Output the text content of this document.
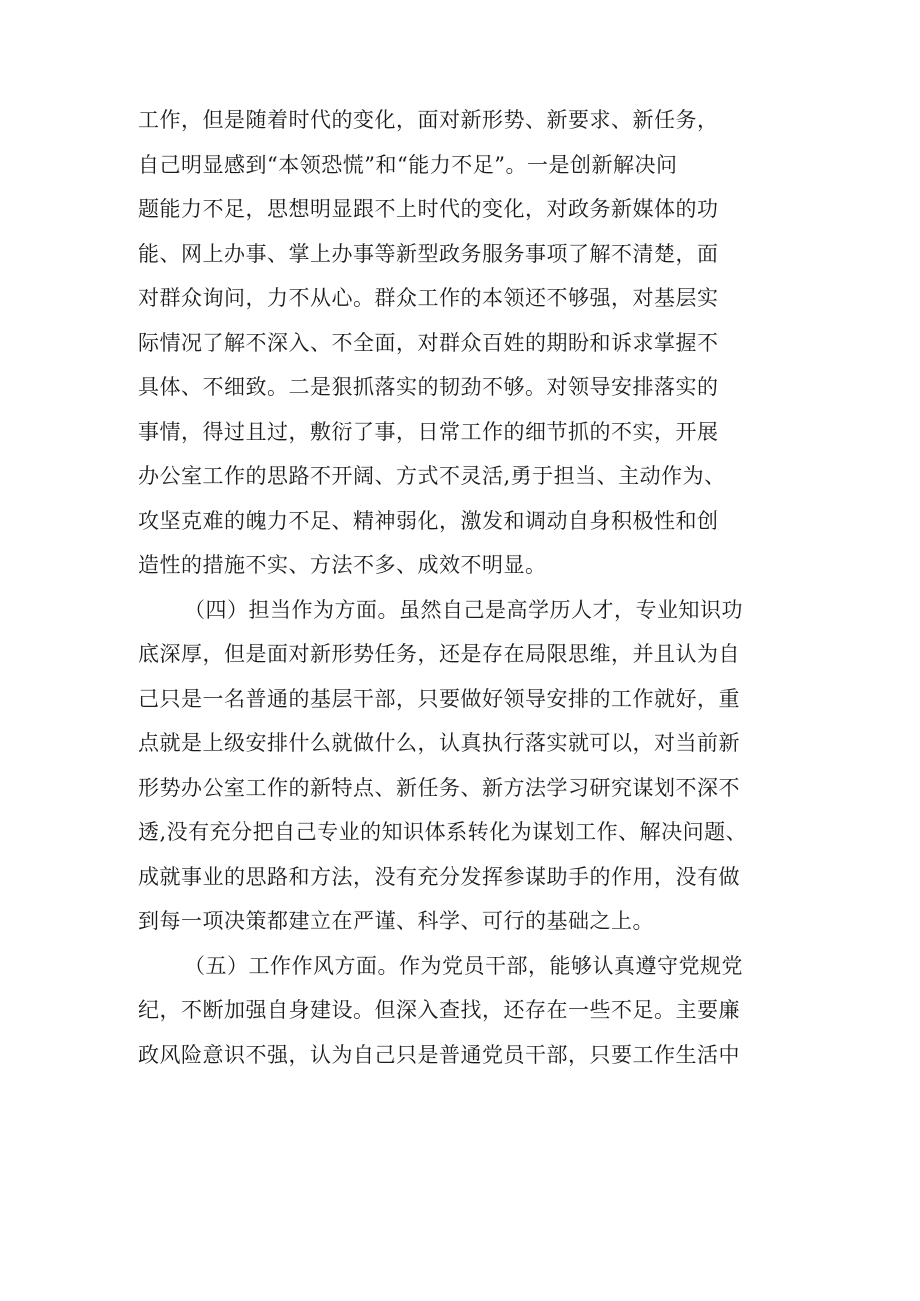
工作，但是随着时代的变化，面对新形势、新要求、新任务，
自己明显感到“本领恐慌”和“能力不足”。一是创新解决问
题能力不足，思想明显跟不上时代的变化，对政务新媒体的功
能、网上办事、掌上办事等新型政务服务事项了解不清楚，面
对群众询问，力不从心。群众工作的本领还不够强，对基层实
际情况了解不深入、不全面，对群众百姓的期盼和诉求掌握不
具体、不细致。二是狠抓落实的韧劲不够。对领导安排落实的
事情，得过且过，敷衍了事，日常工作的细节抓的不实，开展
办公室工作的思路不开阔、方式不灵活,勇于担当、主动作为、
攻坚克难的魄力不足、精神弱化，激发和调动自身积极性和创
造性的措施不实、方法不多、成效不明显。

（四）担当作为方面。虽然自己是高学历人才，专业知识功
底深厚，但是面对新形势任务，还是存在局限思维，并且认为自
己只是一名普通的基层干部，只要做好领导安排的工作就好，重
点就是上级安排什么就做什么，认真执行落实就可以，对当前新
形势办公室工作的新特点、新任务、新方法学习研究谋划不深不
透,没有充分把自己专业的知识体系转化为谋划工作、解决问题、
成就事业的思路和方法，没有充分发挥参谋助手的作用，没有做
到每一项决策都建立在严谨、科学、可行的基础之上。

（五）工作作风方面。作为党员干部，能够认真遵守党规党
纪，不断加强自身建设。但深入查找，还存在一些不足。主要廉
政风险意识不强，认为自己只是普通党员干部，只要工作生活中
